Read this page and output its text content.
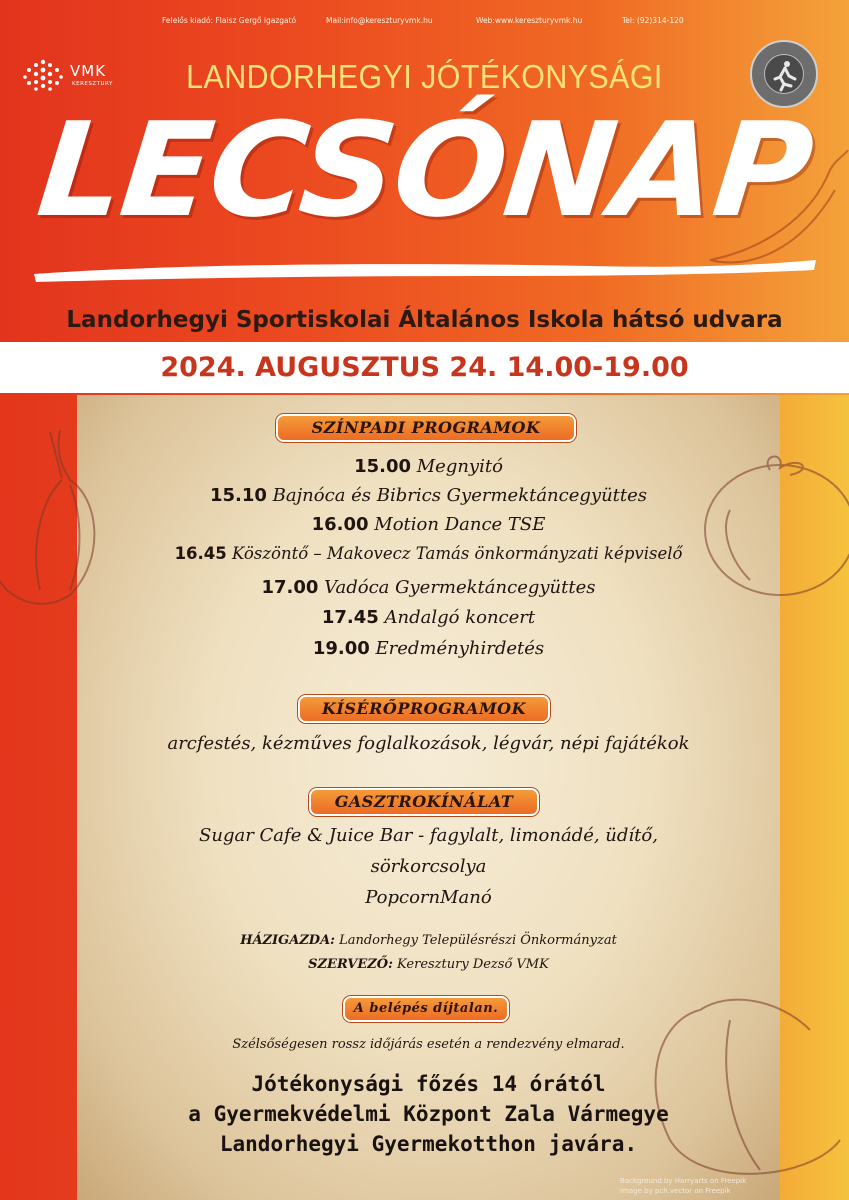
Felelős kiadó: Flaisz Gergő igazgató	Mail:info@kereszturyvmk.hu	Web:www.kereszturyvmk.hu	Tel: (92)314-120
VMK
KERESZTURY	LANDORHEGYI JÓTÉKONYSÁGI
LECSÓNAP
Landorhegyi Sportiskolai Általános Iskola hátsó udvara
2024. AUGUSZTUS 24. 14.00-19.00
SZÍNPADI PROGRAMOK
15.00 Megnyitó
15.10 Bajnóca és Bibrics Gyermektáncegyüttes
16.00 Motion Dance TSE
16.45 Köszöntő – Makovecz Tamás önkormányzati képviselő
17.00 Vadóca Gyermektáncegyüttes
17.45 Andalgó koncert
19.00 Eredményhirdetés
KÍSÉRŐPROGRAMOK
arcfestés, kézműves foglalkozások, légvár, népi fajátékok
GASZTROKÍNÁLAT
Sugar Cafe & Juice Bar - fagylalt, limonádé, üdítő,
sörkorcsolya
PopcornManó
HÁZIGAZDA: Landorhegy Településrészi Önkormányzat
SZERVEZŐ: Keresztury Dezső VMK
A belépés díjtalan.
Szélsőségesen rossz időjárás esetén a rendezvény elmarad.
Jótékonysági főzés 14 órától
a Gyermekvédelmi Központ Zala Vármegye
Landorhegyi Gyermekotthon javára.
Background by Harryarts on Freepik
Image by pch.vector on Freepik
